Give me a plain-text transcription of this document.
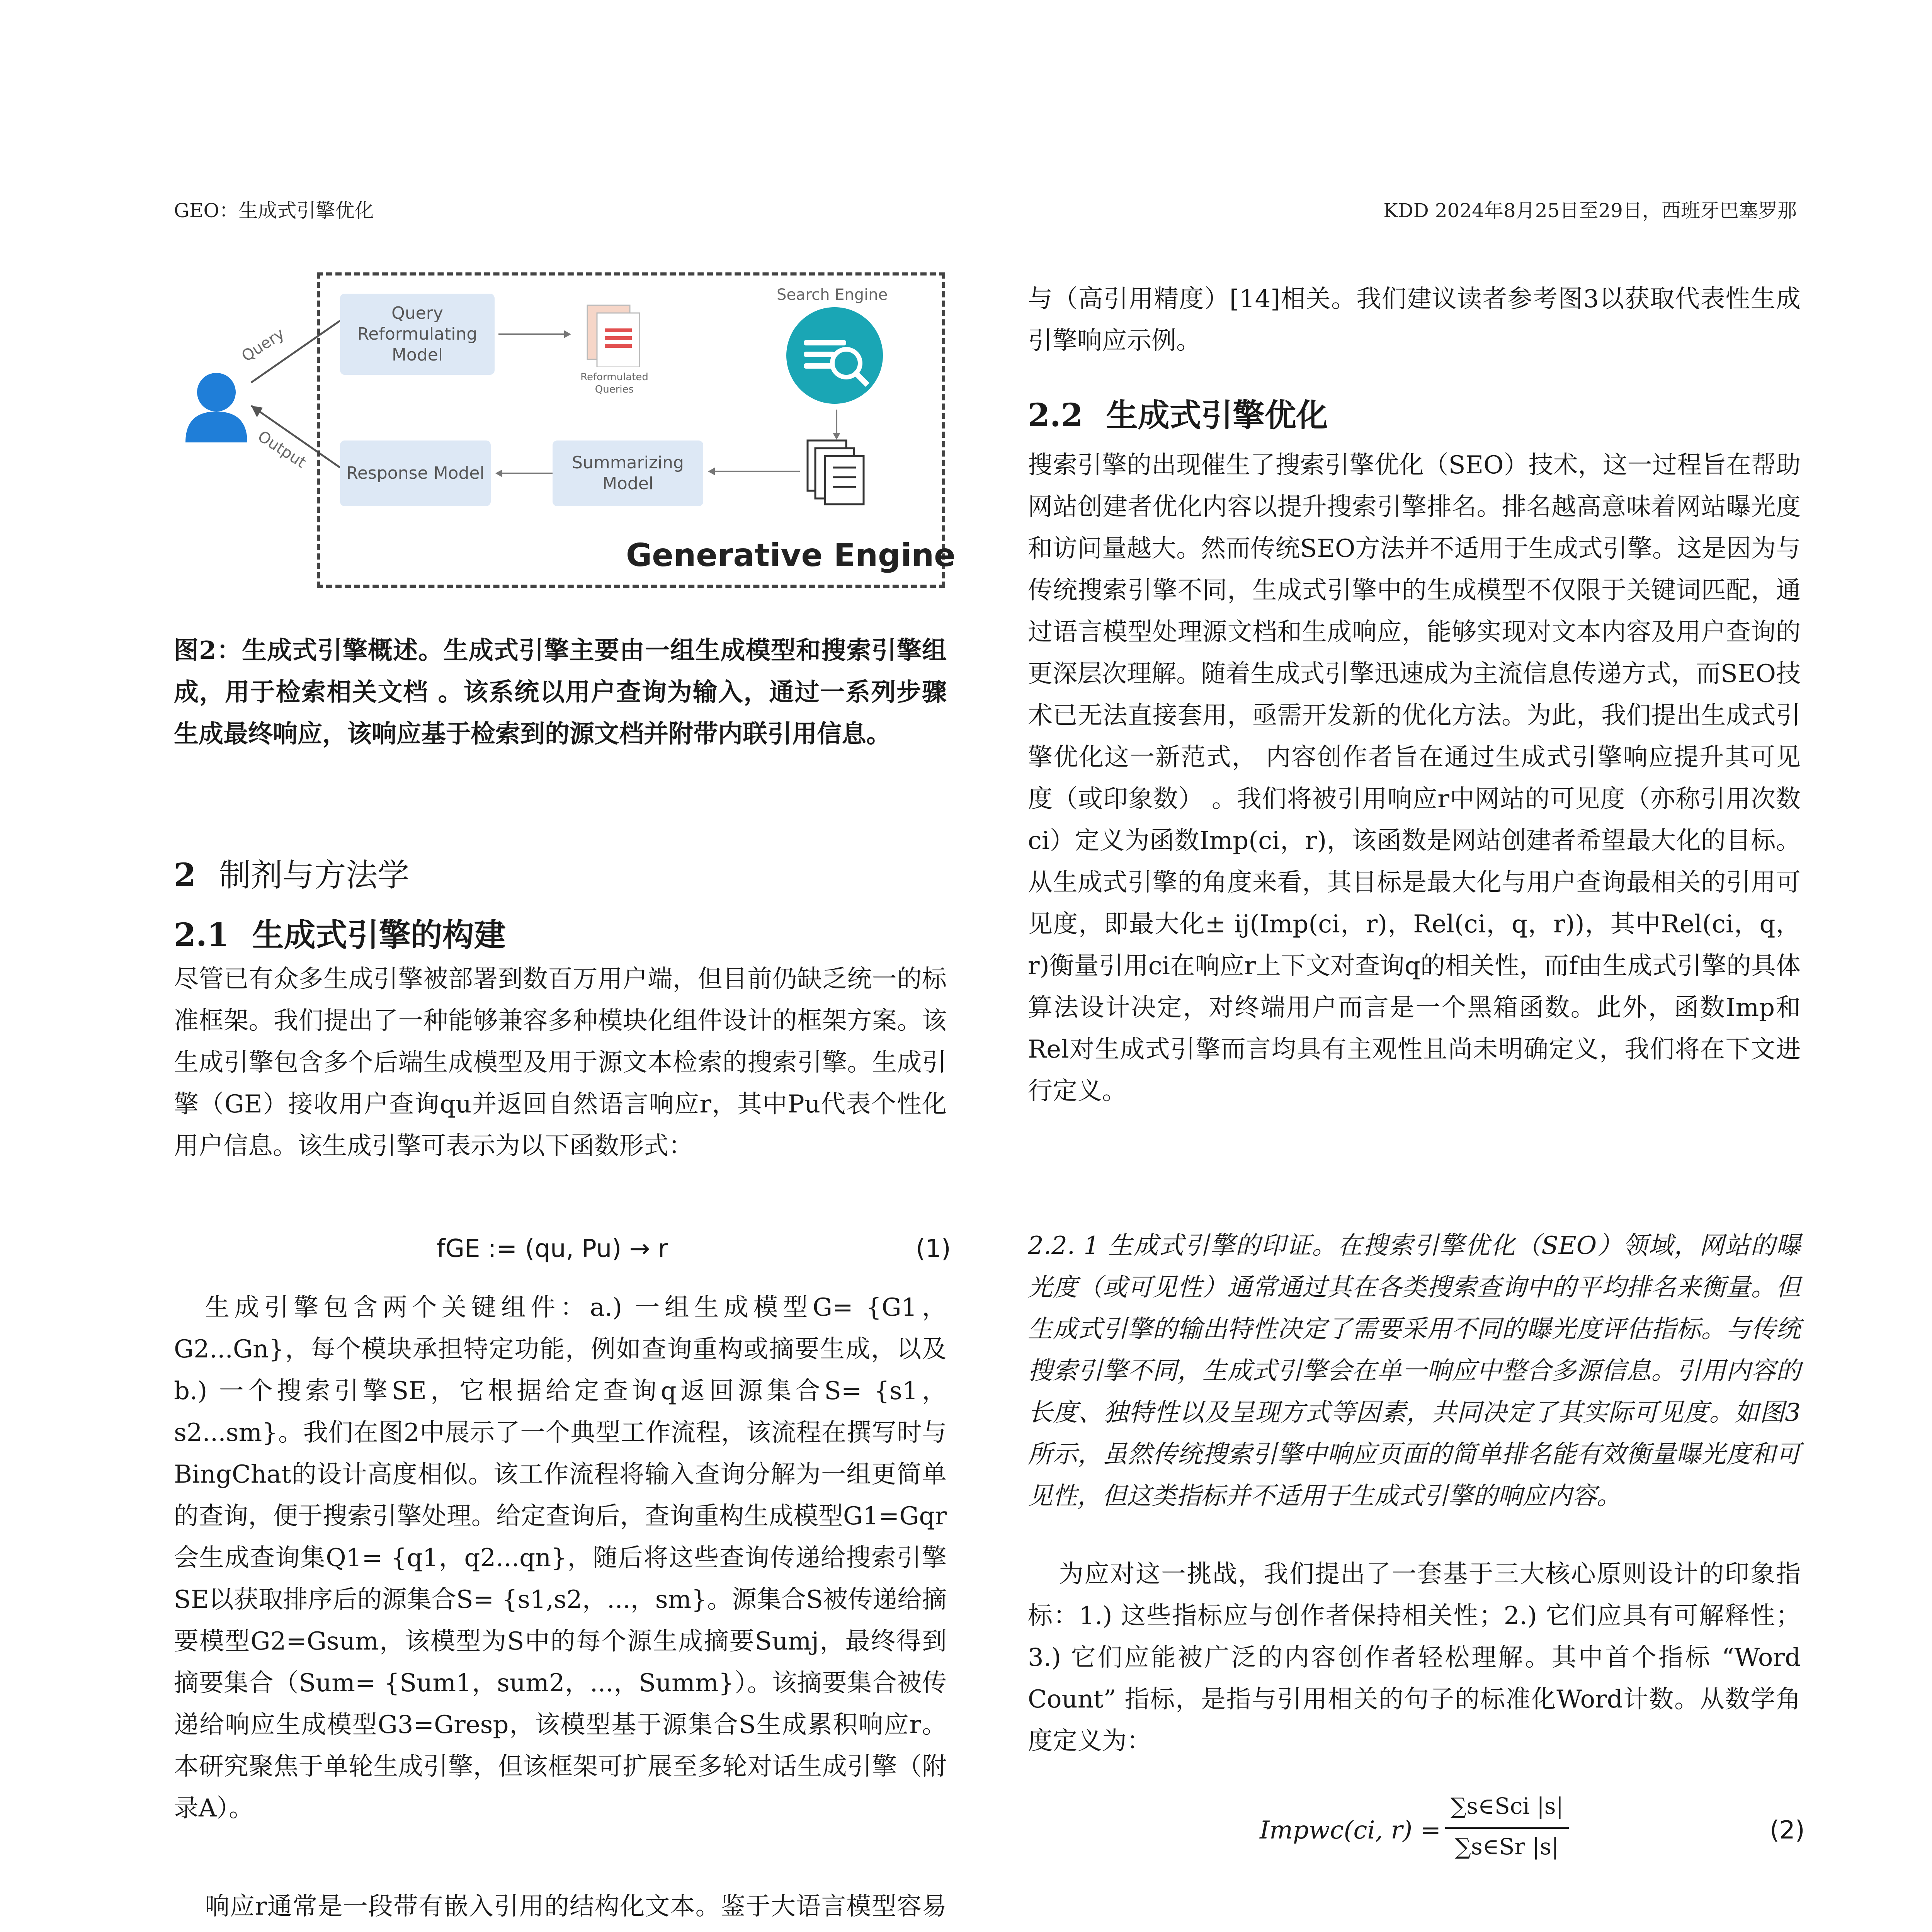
GEO：生成式引擎优化	KDD 2024年8月25日至29日，西班牙巴塞罗那
Query
Output
Query Reformulating Model
Reformulated Queries
Search Engine
Summarizing Model
Response Model
Generative Engine

图2：生成式引擎概述。生成式引擎主要由一组生成模型和搜索引擎组成，用于检索相关文档 。该系统以用户查询为输入，通过一系列步骤生成最终响应，该响应基于检索到的源文档并附带内联引用信息。

2 制剂与方法学
2.1 生成式引擎的构建

尽管已有众多生成引擎被部署到数百万用户端，但目前仍缺乏统一的标准框架。我们提出了一种能够兼容多种模块化组件设计的框架方案。该生成引擎包含多个后端生成模型及用于源文本检索的搜索引擎。生成引擎（GE）接收用户查询qu并返回自然语言响应r，其中Pu代表个性化用户信息。该生成引擎可表示为以下函数形式：

fGE := (qu, Pu) → r	(1)

生成引擎包含两个关键组件：a.) 一组生成模型G= {G1，G2...Gn}，每个模块承担特定功能，例如查询重构或摘要生成，以及b.) 一个搜索引擎SE，它根据给定查询q返回源集合S= {s1，s2...sm}。我们在图2中展示了一个典型工作流程，该流程在撰写时与BingChat的设计高度相似。该工作流程将输入查询分解为一组更简单的查询，便于搜索引擎处理。给定查询后，查询重构生成模型G1=Gqr会生成查询集Q1= {q1，q2...qn}，随后将这些查询传递给搜索引擎SE以获取排序后的源集合S= {s1,s2，...，sm}。源集合S被传递给摘要模型G2=Gsum，该模型为S中的每个源生成摘要Sumj，最终得到摘要集合（Sum= {Sum1，sum2，...，Summ}）。该摘要集合被传递给响应生成模型G3=Gresp，该模型基于源集合S生成累积响应r。本研究聚焦于单轮生成引擎，但该框架可扩展至多轮对话生成引擎（附录A）。

响应r通常是一段带有嵌入引用的结构化文本。鉴于大语言模型容易

与（高引用精度）[14]相关。我们建议读者参考图3以获取代表性生成引擎响应示例。

2.2 生成式引擎优化

搜索引擎的出现催生了搜索引擎优化（SEO）技术，这一过程旨在帮助网站创建者优化内容以提升搜索引擎排名。排名越高意味着网站曝光度和访问量越大。然而传统SEO方法并不适用于生成式引擎。这是因为与传统搜索引擎不同，生成式引擎中的生成模型不仅限于关键词匹配，通过语言模型处理源文档和生成响应，能够实现对文本内容及用户查询的更深层次理解。随着生成式引擎迅速成为主流信息传递方式，而SEO技术已无法直接套用，亟需开发新的优化方法。为此，我们提出生成式引擎优化这一新范式， 内容创作者旨在通过生成式引擎响应提升其可见度（或印象数） 。我们将被引用响应r中网站的可见度（亦称引用次数ci）定义为函数Imp(ci，r)，该函数是网站创建者希望最大化的目标。从生成式引擎的角度来看，其目标是最大化与用户查询最相关的引用可见度，即最大化± ij(Imp(ci，r)，Rel(ci，q，r))，其中Rel(ci，q，r)衡量引用ci在响应r上下文对查询q的相关性，而f由生成式引擎的具体算法设计决定，对终端用户而言是一个黑箱函数。此外，函数Imp和Rel对生成式引擎而言均具有主观性且尚未明确定义，我们将在下文进行定义。

2.2. 1 生成式引擎的印证。在搜索引擎优化（SEO）领域，网站的曝光度（或可见性）通常通过其在各类搜索查询中的平均排名来衡量。但生成式引擎的输出特性决定了需要采用不同的曝光度评估指标。与传统搜索引擎不同，生成式引擎会在单一响应中整合多源信息。引用内容的长度、独特性以及呈现方式等因素，共同决定了其实际可见度。如图3所示，虽然传统搜索引擎中响应页面的简单排名能有效衡量曝光度和可见性，但这类指标并不适用于生成式引擎的响应内容。

为应对这一挑战，我们提出了一套基于三大核心原则设计的印象指标：1.) 这些指标应与创作者保持相关性；2.) 它们应具有可解释性；3.) 它们应能被广泛的内容创作者轻松理解。其中首个指标 “Word Count” 指标，是指与引用相关的句子的标准化Word计数。从数学角度定义为：

Impwc(ci, r) =
∑s∈Sci |s|
∑s∈Sr |s|
(2)
